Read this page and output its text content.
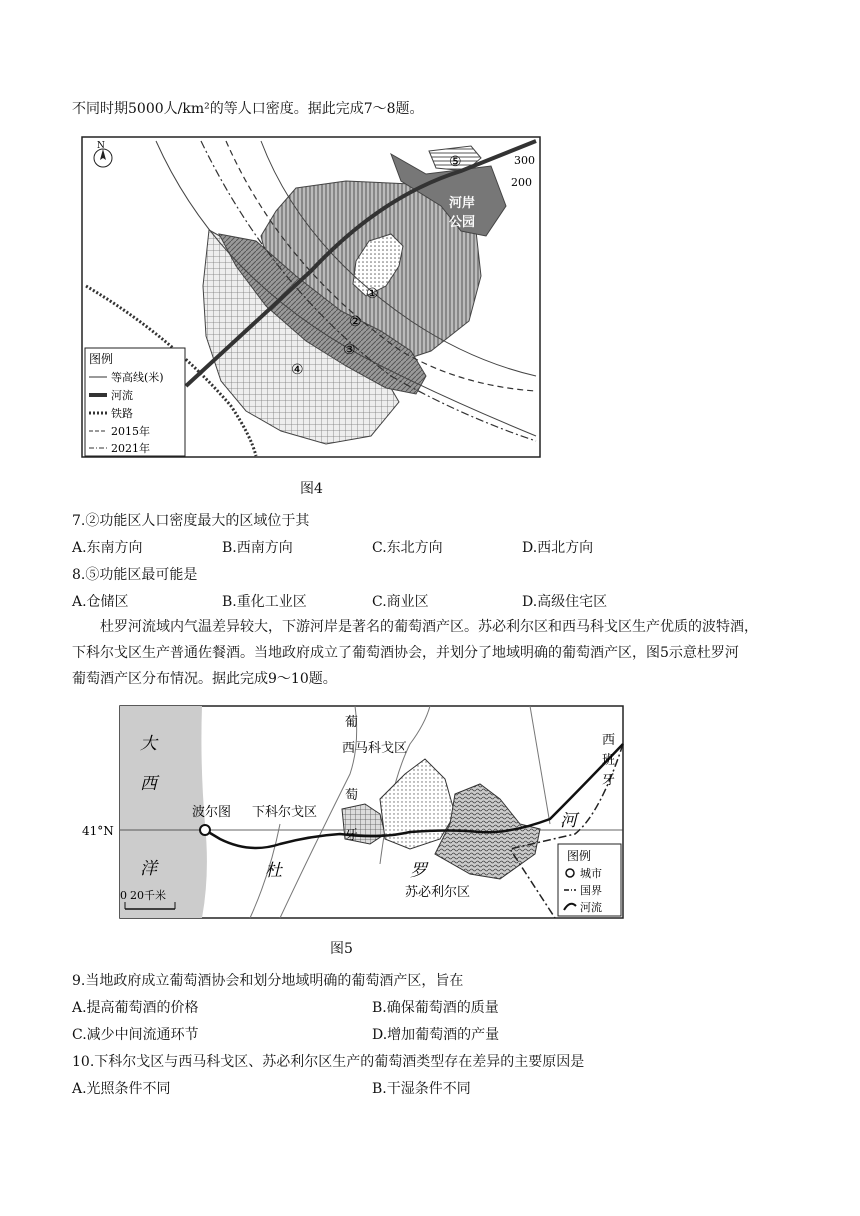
不同时期5000人/km²的等人口密度。据此完成7～8题。
N
300
200
河岸
公园
①
②
③
④
⑤
图例
等高线(米)
河流
铁路
2015年
2021年
图4
7.②功能区人口密度最大的区域位于其
A.东南方向	B.西南方向	C.东北方向	D.西北方向
8.⑤功能区最可能是
A.仓储区	B.重化工业区	C.商业区	D.高级住宅区
杜罗河流域内气温差异较大，下游河岸是著名的葡萄酒产区。苏必利尔区和西马科戈区生产优质的波特酒，
下科尔戈区生产普通佐餐酒。当地政府成立了葡萄酒协会，并划分了地域明确的葡萄酒产区，图5示意杜罗河
葡萄酒产区分布情况。据此完成9～10题。
大
西
洋
波尔图
41°N
西马科戈区
下科尔戈区
苏必利尔区
杜	罗
河
葡
萄
牙
西
班
牙
0 20千米
图例
城市
国界
河流
图5
9.当地政府成立葡萄酒协会和划分地域明确的葡萄酒产区，旨在
A.提高葡萄酒的价格	B.确保葡萄酒的质量
C.减少中间流通环节	D.增加葡萄酒的产量
10.下科尔戈区与西马科戈区、苏必利尔区生产的葡萄酒类型存在差异的主要原因是
A.光照条件不同	B.干湿条件不同
